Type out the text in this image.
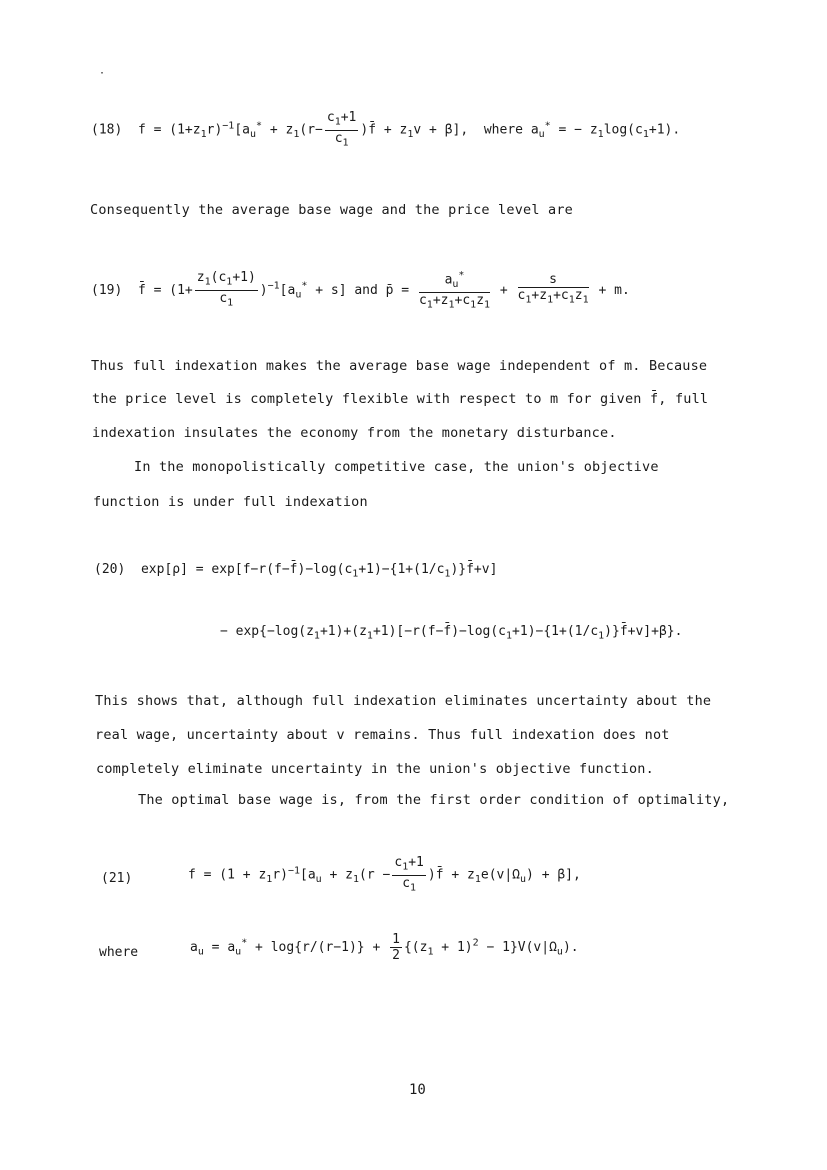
·
(18) $f = (1+z_1r)^{-1}[a_u^* + z_1(r- \frac{c_1+1}{c_1}$ )f̄ + $z_1v + \beta$], where $a_u^*$ = − $z_1\log(c_1+1)$.
Consequently the average base wage and the price level are
(19) f̄ = $(1+ \frac{z_1(c_1+1)}{c_1} )^{-1}[a_u^* + s]$ and p̄ = $\frac{a_u^*}{c_1+z_1+c_1z_1} + \frac{s}{c_1+z_1+c_1z_1} + m$.
Thus full indexation makes the average base wage independent of m. Because
the price level is completely flexible with respect to m for given f̄, full
indexation insulates the economy from the monetary disturbance.
In the monopolistically competitive case, the union's objective
function is under full indexation
(20) $\exp[\rho] = \exp[f-r(f-f̄)-\log(c_1+1)-\{1+(1/c_1)\}f̄+v]$
− $\exp\{-\log(z_1+1)+(z_1+1)[-r(f-f̄)-\log(c_1+1)-\{1+(1/c_1)\}f̄+v]+\beta\}$.
This shows that, although full indexation eliminates uncertainty about the
real wage, uncertainty about v remains. Thus full indexation does not
completely eliminate uncertainty in the union's objective function.
The optimal base wage is, from the first order condition of optimality,
(21)	$f = (1 + z_1r)^{-1}[a_u + z_1(r - \frac{c_1+1}{c_1}$ )f̄ + $z_1e(v|\Omega_u) + \beta$],
where	$a_u = a_u^* + \log\{r/(r-1)\} + \frac{1}{2} \{(z_1 + 1)^2 - 1\}V(v|\Omega_u)$.
10
